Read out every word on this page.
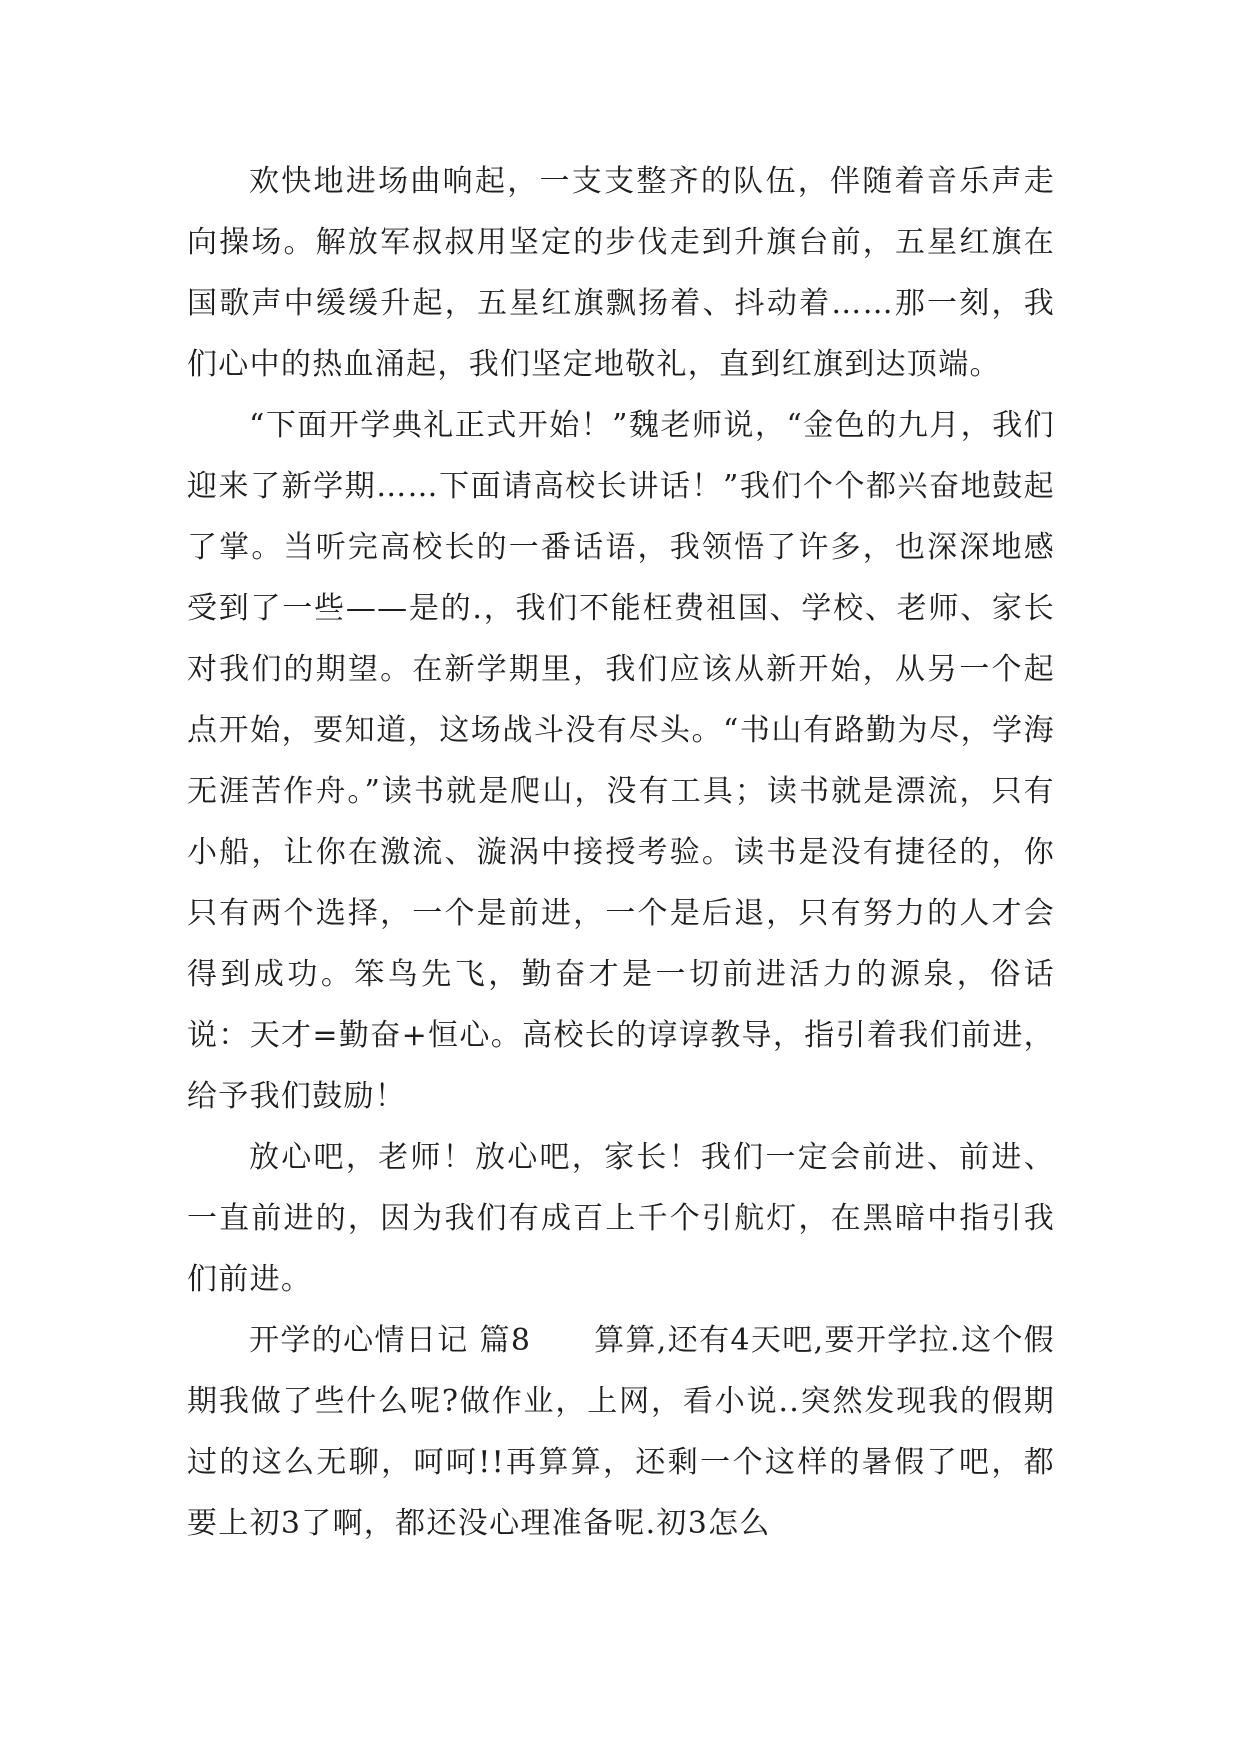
欢快地进场曲响起，一支支整齐的队伍，伴随着音乐声走向操场。解放军叔叔用坚定的步伐走到升旗台前，五星红旗在国歌声中缓缓升起，五星红旗飘扬着、抖动着……那一刻，我们心中的热血涌起，我们坚定地敬礼，直到红旗到达顶端。

“下面开学典礼正式开始！”魏老师说，“金色的九月，我们迎来了新学期……下面请高校长讲话！”我们个个都兴奋地鼓起了掌。当听完高校长的一番话语，我领悟了许多，也深深地感受到了一些——是的.，我们不能枉费祖国、学校、老师、家长对我们的期望。在新学期里，我们应该从新开始，从另一个起点开始，要知道，这场战斗没有尽头。“书山有路勤为尽，学海无涯苦作舟。”读书就是爬山，没有工具；读书就是漂流，只有小船，让你在激流、漩涡中接授考验。读书是没有捷径的，你只有两个选择，一个是前进，一个是后退，只有努力的人才会得到成功。笨鸟先飞，勤奋才是一切前进活力的源泉，俗话说：天才=勤奋+恒心。高校长的谆谆教导，指引着我们前进，给予我们鼓励！

放心吧，老师！放心吧，家长！我们一定会前进、前进、一直前进的，因为我们有成百上千个引航灯，在黑暗中指引我们前进。

开学的心情日记 篇8　　算算,还有4天吧,要开学拉.这个假期我做了些什么呢?做作业，上网，看小说..突然发现我的假期过的这么无聊，呵呵!!再算算，还剩一个这样的暑假了吧，都要上初3了啊，都还没心理准备呢.初3怎么
